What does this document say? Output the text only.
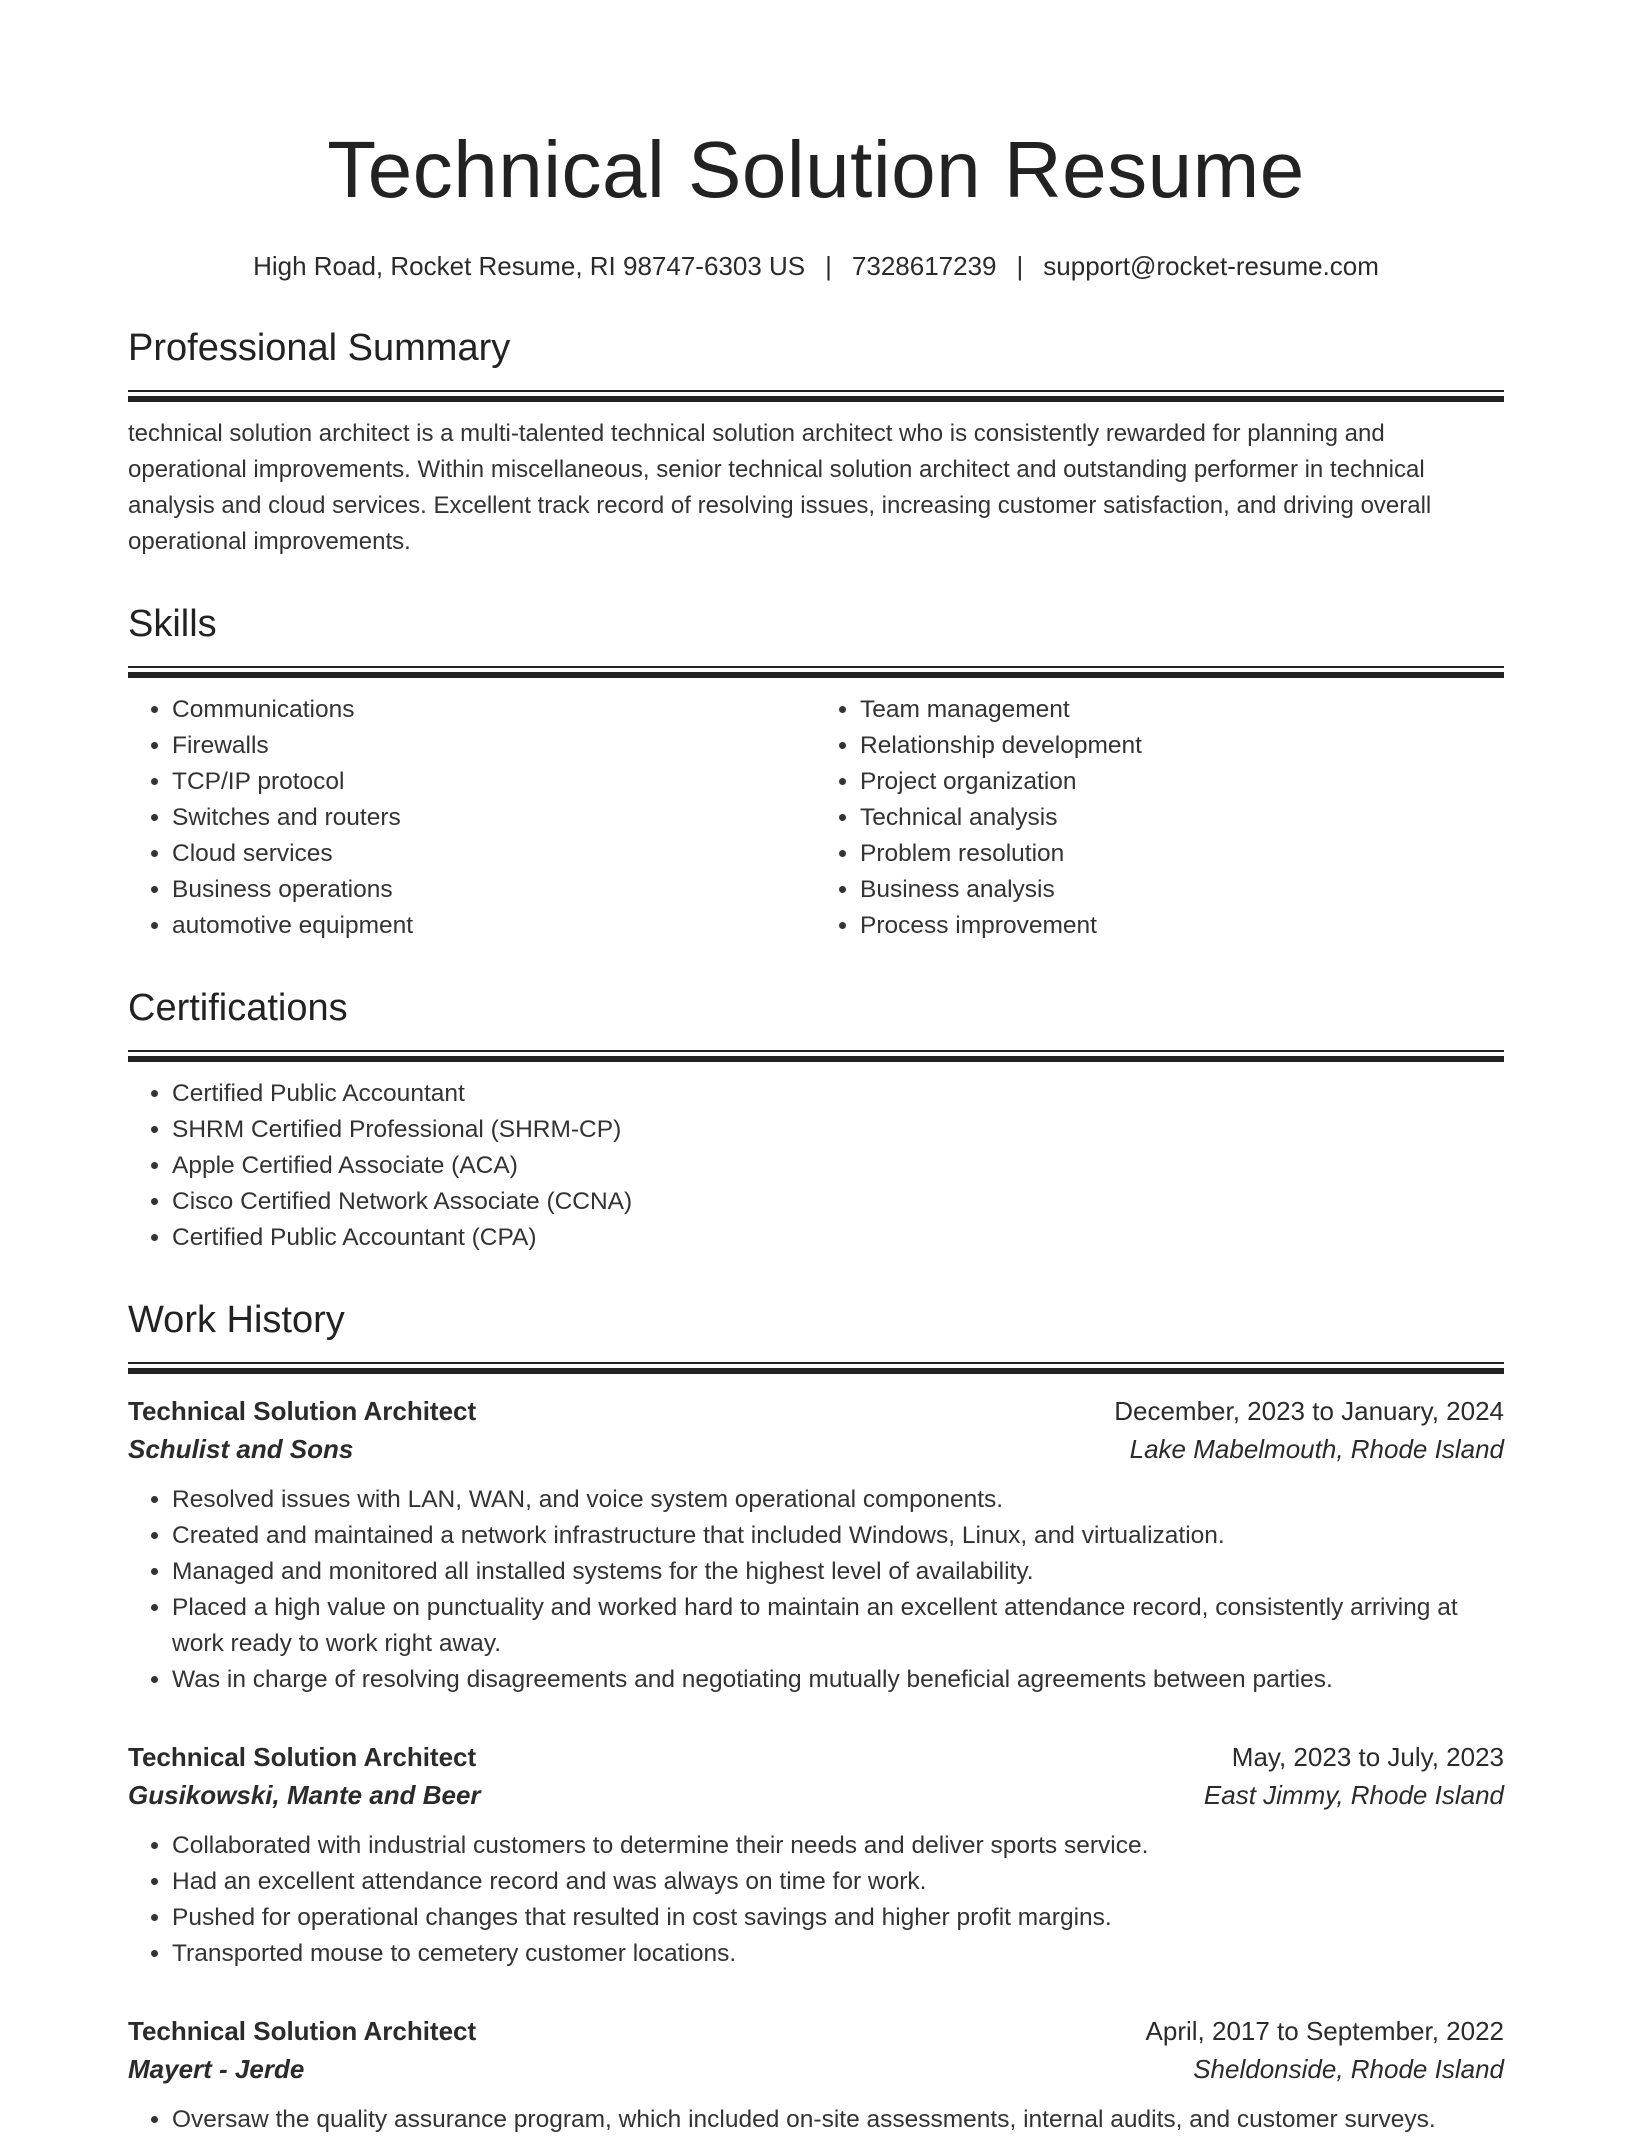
Technical Solution Resume
High Road, Rocket Resume, RI 98747-6303 US | 7328617239 | support@rocket-resume.com
Professional Summary

technical solution architect is a multi-talented technical solution architect who is consistently rewarded for planning and operational improvements. Within miscellaneous, senior technical solution architect and outstanding performer in technical analysis and cloud services. Excellent track record of resolving issues, increasing customer satisfaction, and driving overall operational improvements.

Skills
• Communications
• Firewalls
• TCP/IP protocol
• Switches and routers
• Cloud services
• Business operations
• automotive equipment
• Team management
• Relationship development
• Project organization
• Technical analysis
• Problem resolution
• Business analysis
• Process improvement
Certifications
• Certified Public Accountant
• SHRM Certified Professional (SHRM-CP)
• Apple Certified Associate (ACA)
• Cisco Certified Network Associate (CCNA)
• Certified Public Accountant (CPA)
Work History
Technical Solution Architect	December, 2023 to January, 2024
Schulist and Sons	Lake Mabelmouth, Rhode Island
• Resolved issues with LAN, WAN, and voice system operational components.
• Created and maintained a network infrastructure that included Windows, Linux, and virtualization.
• Managed and monitored all installed systems for the highest level of availability.
• Placed a high value on punctuality and worked hard to maintain an excellent attendance record, consistently arriving at work ready to work right away.
• Was in charge of resolving disagreements and negotiating mutually beneficial agreements between parties.
Technical Solution Architect	May, 2023 to July, 2023
Gusikowski, Mante and Beer	East Jimmy, Rhode Island
• Collaborated with industrial customers to determine their needs and deliver sports service.
• Had an excellent attendance record and was always on time for work.
• Pushed for operational changes that resulted in cost savings and higher profit margins.
• Transported mouse to cemetery customer locations.
Technical Solution Architect	April, 2017 to September, 2022
Mayert - Jerde	Sheldonside, Rhode Island
• Oversaw the quality assurance program, which included on-site assessments, internal audits, and customer surveys.
